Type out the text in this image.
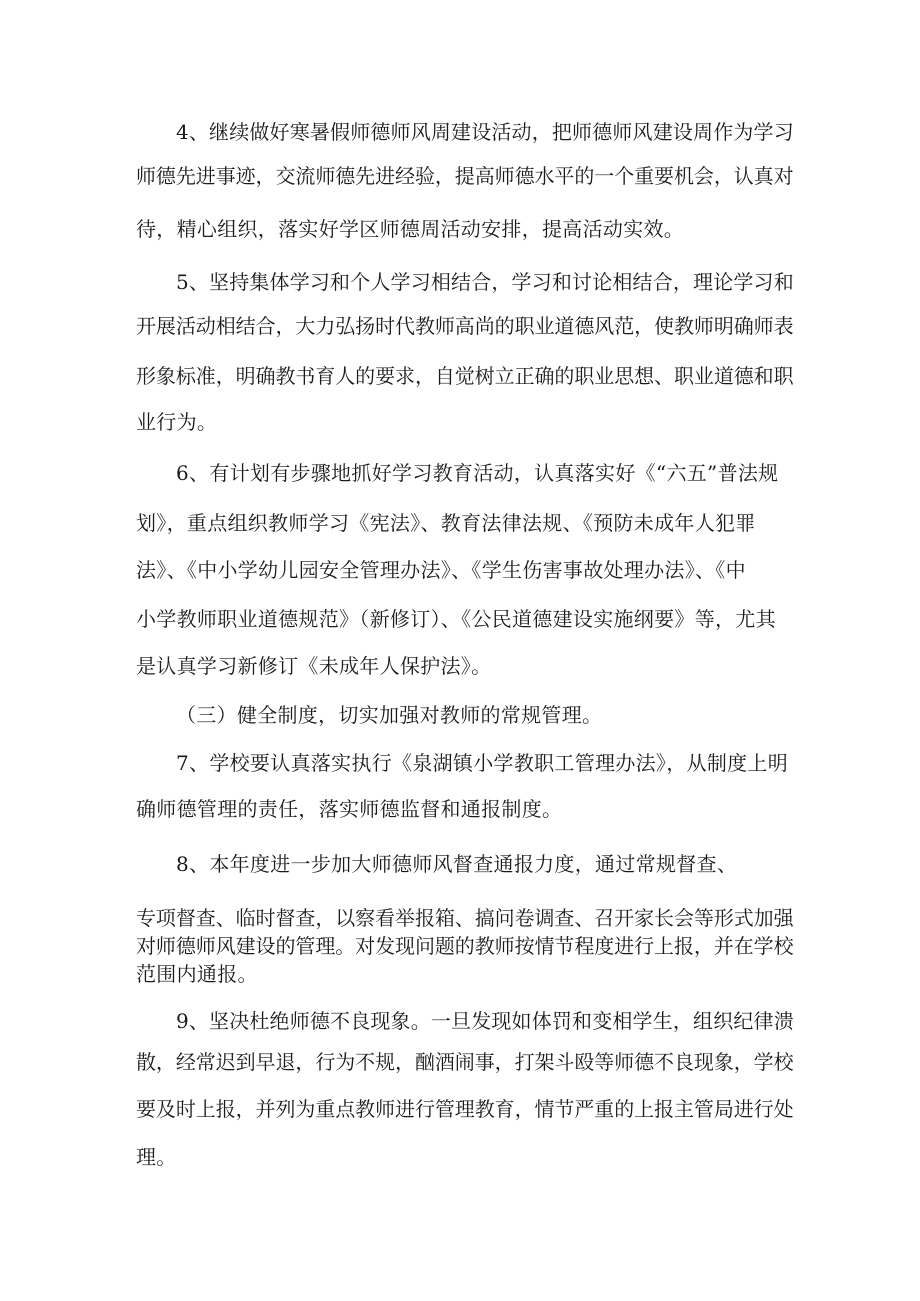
4、继续做好寒暑假师德师风周建设活动，把师德师风建设周作为学习
师德先进事迹，交流师德先进经验，提高师德水平的一个重要机会，认真对
待，精心组织，落实好学区师德周活动安排，提高活动实效。
5、坚持集体学习和个人学习相结合，学习和讨论相结合，理论学习和
开展活动相结合，大力弘扬时代教师高尚的职业道德风范，使教师明确师表
形象标准，明确教书育人的要求，自觉树立正确的职业思想、职业道德和职
业行为。
6、有计划有步骤地抓好学习教育活动，认真落实好《“六五”普法规
划》，重点组织教师学习《宪法》、教育法律法规、《预防未成年人犯罪
法》、《中小学幼儿园安全管理办法》、《学生伤害事故处理办法》、《中
小学教师职业道德规范》（新修订）、《公民道德建设实施纲要》等，尤其
是认真学习新修订《未成年人保护法》。
（三）健全制度，切实加强对教师的常规管理。
7、学校要认真落实执行《泉湖镇小学教职工管理办法》，从制度上明
确师德管理的责任，落实师德监督和通报制度。
8、本年度进一步加大师德师风督查通报力度，通过常规督查、
专项督查、临时督查，以察看举报箱、搞问卷调查、召开家长会等形式加强
对师德师风建设的管理。对发现问题的教师按情节程度进行上报，并在学校
范围内通报。
9、坚决杜绝师德不良现象。一旦发现如体罚和变相学生，组织纪律溃
散，经常迟到早退，行为不规，酗酒闹事，打架斗殴等师德不良现象，学校
要及时上报，并列为重点教师进行管理教育，情节严重的上报主管局进行处
理。
